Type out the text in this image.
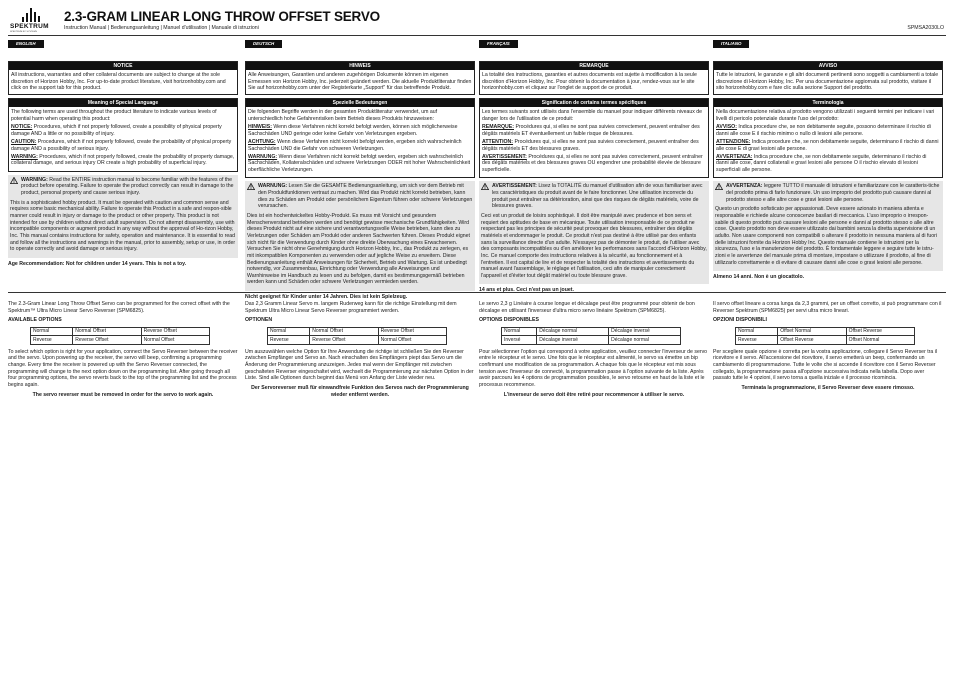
SPEKTRUM
SPEKTRUM RC SYSTEMS
2.3-GRAM LINEAR LONG THROW OFFSET SERVO
Instruction Manual | Bedienungsanleitung | Manuel d'utilisation | Manuale di istruzioni	SPMSA2030LO
ENGLISH
NOTICE
All instructions, warranties and other collateral documents are subject to change at the sole discretion of Horizon Hobby, Inc. For up-to-date product literature, visit horizonhobby.com and click on the support tab for this product.
Meaning of Special Language

The following terms are used throughout the product literature to indicate various levels of potential harm when operating this product:

NOTICE: Procedures, which if not properly followed, create a possibility of physical property damage AND a little or no possibility of injury.

CAUTION: Procedures, which if not properly followed, create the probability of physical property damage AND a possibility of serious injury.

WARNING: Procedures, which if not properly followed, create the probability of property damage, collateral damage, and serious injury OR create a high probability of superficial injury.

WARNING: Read the ENTIRE instruction manual to become familiar with the features of the product before operating. Failure to operate the product correctly can result in damage to the product, personal property and cause serious injury.

This is a sophisticated hobby product. It must be operated with caution and common sense and requires some basic mechanical ability. Failure to operate this Product in a safe and respon-sible manner could result in injury or damage to the product or other property. This product is not intended for use by children without direct adult supervision. Do not attempt disassembly, use with incompatible components or augment product in any way without the approval of Ho-rizon Hobby, Inc. This manual contains instructions for safety, operation and maintenance. It is essential to read and follow all the instructions and warnings in the manual, prior to assembly, setup or use, in order to operate correctly and avoid damage or serious injury.

Age Recommendation: Not for children under 14 years. This is not a toy.

DEUTSCH
HINWEIS
Alle Anweisungen, Garantien und anderen zugehörigen Dokumente können im eigenen Ermessen von Horizon Hobby, Inc. jederzeit geändert werden. Die aktuelle Produktliteratur finden Sie auf horizonhobby.com unter der Registerkarte „Support" für das betreffende Produkt.
Spezielle Bedeutungen

Die folgenden Begriffe werden in der gesamten Produktliteratur verwendet, um auf unterschiedlich hohe Gefahrenrisiken beim Betrieb dieses Produkts hinzuweisen:

HINWEIS: Wenn diese Verfahren nicht korrekt befolgt werden, können sich möglicherweise Sachschäden UND geringe oder keine Gefahr von Verletzungen ergeben.

ACHTUNG: Wenn diese Verfahren nicht korrekt befolgt werden, ergeben sich wahrscheinlich Sachschäden UND die Gefahr von schweren Verletzungen.

WARNUNG: Wenn diese Verfahren nicht korrekt befolgt werden, ergeben sich wahrscheinlich Sachschäden, Kollateralschäden und schwere Verletzungen ODER mit hoher Wahrscheinlichkeit oberflächliche Verletzungen.

WARNUNG: Lesen Sie die GESAMTE Bedienungsanleitung, um sich vor dem Betrieb mit den Produktfunktionen vertraut zu machen. Wird das Produkt nicht korrekt betrieben, kann dies zu Schäden am Produkt oder persönlichem Eigentum führen oder schwere Verletzungen verursachen.

Dies ist ein hochentwickeltes Hobby-Produkt. Es muss mit Vorsicht und gesundem Menschenverstand betrieben werden und benötigt gewisse mechanische Grundfähigkeiten. Wird dieses Produkt nicht auf eine sichere und verantwortungsvolle Weise betrieben, kann dies zu Verletzungen oder Schäden am Produkt oder anderen Sachwerten führen. Dieses Produkt eignet sich nicht für die Verwendung durch Kinder ohne direkte Überwachung eines Erwachsenen. Versuchen Sie nicht ohne Genehmigung durch Horizon Hobby, Inc., das Produkt zu zerlegen, es mit inkompatiblen Komponenten zu verwenden oder auf jegliche Weise zu erweitern. Diese Bedienungsanleitung enthält Anweisungen für Sicherheit, Betrieb und Wartung. Es ist unbedingt notwendig, vor Zusammenbau, Einrichtung oder Verwendung alle Anweisungen und Warnhinweise im Handbuch zu lesen und zu befolgen, damit es bestimmungsgemäß betrieben werden kann und Schäden oder schwere Verletzungen vermieden werden.

Nicht geeignet für Kinder unter 14 Jahren. Dies ist kein Spielzeug.

FRANÇAIS
REMARQUE
La totalité des instructions, garanties et autres documents est sujette à modification à la seule discrétion d'Horizon Hobby, Inc. Pour obtenir la documentation à jour, rendez-vous sur le site horizonhobby.com et cliquez sur l'onglet de support de ce produit.
Signification de certains termes spécifiques

Les termes suivants sont utilisés dans l'ensemble du manuel pour indiquer différents niveaux de danger lors de l'utilisation de ce produit:

REMARQUE: Procédures qui, si elles ne sont pas suivies correctement, peuvent entraîner des dégâts matériels ET éventuellement un faible risque de blessures.

ATTENTION: Procédures qui, si elles ne sont pas suivies correctement, peuvent entraîner des dégâts matériels ET des blessures graves.

AVERTISSEMENT: Procédures qui, si elles ne sont pas suivies correctement, peuvent entraîner des dégâts matériels et des blessures graves OU engendrer une probabilité élevée de blessure superficielle.

AVERTISSEMENT: Lisez la TOTALITÉ du manuel d'utilisation afin de vous familiariser avec les caractéristiques du produit avant de le faire fonctionner. Une utilisation incorrecte du produit peut entraîner sa détérioration, ainsi que des risques de dégâts matériels, voire de blessures graves.

Ceci est un produit de loisirs sophistiqué. Il doit être manipulé avec prudence et bon sens et requiert des aptitudes de base en mécanique. Toute utilisation irresponsable de ce produit ne respectant pas les principes de sécurité peut provoquer des blessures, entraîner des dégâts matériels et endommager le produit. Ce produit n'est pas destiné à être utilisé par des enfants sans la surveillance directe d'un adulte. N'essayez pas de démonter le produit, de l'utiliser avec des composants incompatibles ou d'en améliorer les performances sans l'accord d'Horizon Hobby, Inc. Ce manuel comporte des instructions relatives à la sécurité, au fonctionnement et à l'entretien. Il est capital de lire et de respecter la totalité des instructions et avertissements du manuel avant l'assemblage, le réglage et l'utilisation, ceci afin de manipuler correctement l'appareil et d'éviter tout dégât matériel ou toute blessure grave.

14 ans et plus. Ceci n'est pas un jouet.

ITALIANO
AVVISO
Tutte le istruzioni, le garanzie e gli altri documenti pertinenti sono soggetti a cambiamenti a totale discrezione di Horizon Hobby, Inc. Per una documentazione aggiornata sul prodotto, visitare il sito horizonhobby.com e fare clic sulla sezione Support del prodotto.
Terminologia

Nella documentazione relativa al prodotto vengono utilizzati i seguenti termini per indicare i vari livelli di pericolo potenziale durante l'uso del prodotto:

AVVISO: Indica procedure che, se non debitamente seguite, possono determinare il rischio di danni alle cose E il rischio minimo o nullo di lesioni alle persone.

ATTENZIONE: Indica procedure che, se non debitamente seguite, determinano il rischio di danni alle cose E di gravi lesioni alle persone.

AVVERTENZA: Indica procedure che, se non debitamente seguite, determinano il rischio di danni alle cose, danni collaterali e gravi lesioni alle persone O il rischio elevato di lesioni superficiali alle persone.

AVVERTENZA: leggere TUTTO il manuale di istruzioni e familiarizzare con le caratteris-tiche del prodotto prima di farlo funzionare. Un uso improprio del prodotto può causare danni al prodotto stesso e alle altre cose e gravi lesioni alle persone.

Questo un prodotto sofisticato per appassionati. Deve essere azionato in maniera attenta e responsabile e richiede alcune conoscenze basilari di meccanica. L'uso improprio o irrespon-sabile di questo prodotto può causare lesioni alle persone e danni al prodotto stesso o alle altre cose. Questo prodotto non deve essere utilizzato dai bambini senza la diretta supervisione di un adulto. Non usare componenti non compatibili o alterare il prodotto in nessuna maniera al di fuori delle istruzioni fornite da Horizon Hobby Inc. Questo manuale contiene le istruzioni per la sicurezza, l'uso e la manutenzione del prodotto. È fondamentale leggere e seguire tutte le istru-zioni e le avvertenze del manuale prima di montare, impostare o utilizzare il prodotto, al fine di utilizzarlo correttamente e di evitare di causare danni alle cose o gravi lesioni alle persone.

Almeno 14 anni. Non è un giocattolo.

The 2.3-Gram Linear Long Throw Offset Servo can be programmed for the correct offset with the Spektrum™ Ultra Micro Linear Servo Reverser (SPM6825).

AVAILABLE OPTIONS

Normal	Normal Offset	Reverse Offset
Reverse	Reverse Offset	Normal Offset

To select which option is right for your application, connect the Servo Reverser between the receiver and the servo. Upon powering up the receiver, the servo will beep, confirming a programming change. Every time the receiver is powered up with the Servo Reverser connected, the programming will change to the next option down on the programming list. After going through all four programming options, the servo reverts back to the top of the programming list and the process begins again.

The servo reverser must be removed in order for the servo to work again.

Das 2,3 Gramm Linear Servo m. langem Ruderweg kann für die richtige Einstellung mit dem Spektrum Ultra Micro Linear Servo Reverser programmiert werden.

OPTIONEN

Normal	Normal Offset	Reverse Offset
Reverse	Reverse Offset	Normal Offset

Um auszuwählen welche Option für Ihre Anwendung die richtige ist schließen Sie den Reverser zwischen Empfänger und Servo an. Nach einschalten des Empfängers piept das Servo um die Änderung der Programmierung anzuzeigen. Jedes mal wenn der Empfänger mit zwischen geschalteten Reverser eingeschaltet wird, wechselt die Programmierung zur nächsten Option in der Liste. Sind alle Optionen durch beginnt das Menü von Anfang der Liste wieder neu.

Der Servoreverser muß für einwandfreie Funktion des Servos nach der Programmierung wieder entfernt werden.

Le servo 2,3 g Linéaire à course longue et décalage peut être programmé pour obtenir de bon décalage en utilisant l'inverseur d'ultra micro servo linéaire Spektrum (SPM6825).

OPTIONS DISPONIBLES

Normal	Décalage normal	Décalage inversé
Inversé	Décalage inversé	Décalage normal

Pour sélectionner l'option qui correspond à votre application, veuillez connecter l'inverseur de servo entre le récepteur et le servo. Une fois que le récepteur est alimenté, le servo va émettre un bip confirmant une modification de sa programmation. A chaque fois que le récepteur est mis sous tension avec l'inverseur de connecté, la programmation passe à l'option suivante de la liste. Après avoir parcouru les 4 options de programmation possibles, le servo retourne en haut de la liste et le processus recommence.

L'inverseur de servo doit être retiré pour recommencer à utiliser le servo.

Il servo offset lineare a corsa lunga da 2,3 grammi, per un offset corretto, si può programmare con il Reverser Spektrum (SPM6825) per servi ultra micro lineari.

OPZIONI DISPONIBILI

Normal	Offset Normal	Offset Reverse
Reverse	Offset Reverse	Offset Normal

Per scegliere quale opzione è corretta per la vostra applicazione, collegare il Servo Reverser tra il ricevitore e il servo. All'accensione del ricevitore, il servo emetterà un beep, confermando un cambiamento di programmazione. Tutte le volte che si accende il ricevitore con il Servo Reverser collegato, la programmazione passa all'opzione successiva indicata nella tabella. Dopo aver passato tutte le 4 opzioni, il servo torna a quella iniziale e il processo ricomincia.

Terminata la programmazione, il Servo Reverser deve essere rimosso.
